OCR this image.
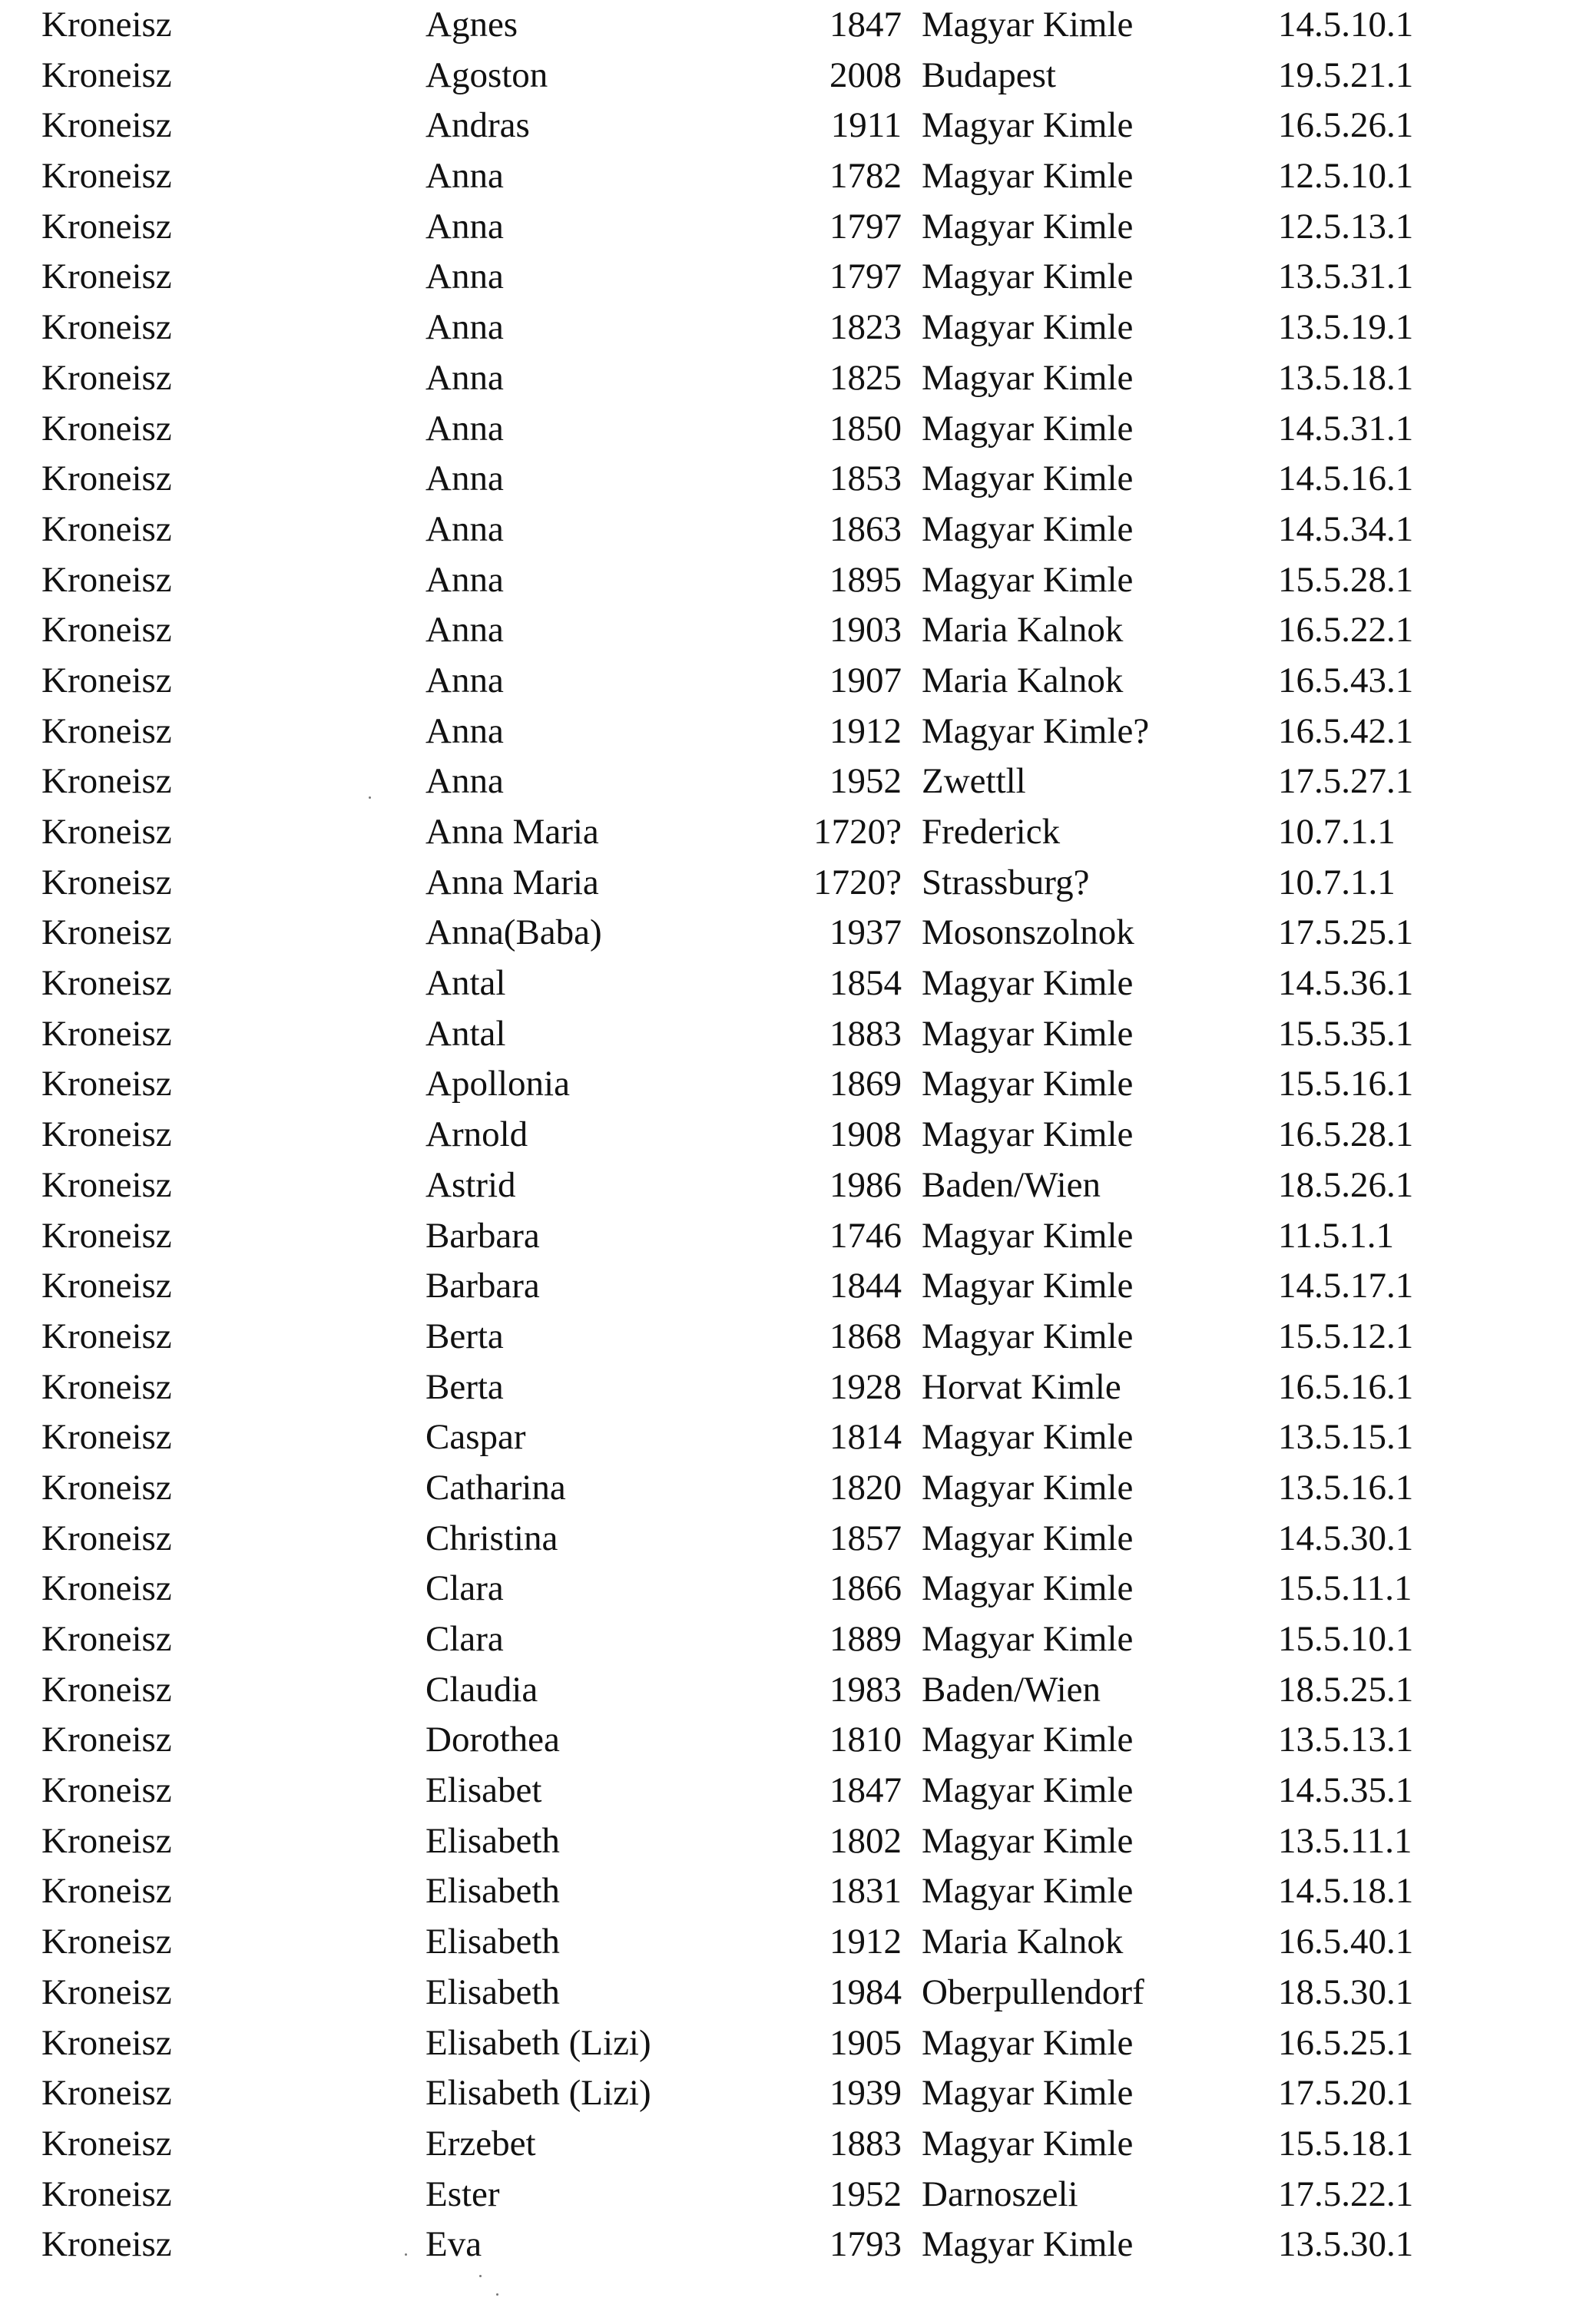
Kroneisz	Agnes	1847 Magyar Kimle	14.5.10.1
Kroneisz	Agoston	2008 Budapest	19.5.21.1
Kroneisz	Andras	1911 Magyar Kimle	16.5.26.1
Kroneisz	Anna	1782 Magyar Kimle	12.5.10.1
Kroneisz	Anna	1797 Magyar Kimle	12.5.13.1
Kroneisz	Anna	1797 Magyar Kimle	13.5.31.1
Kroneisz	Anna	1823 Magyar Kimle	13.5.19.1
Kroneisz	Anna	1825 Magyar Kimle	13.5.18.1
Kroneisz	Anna	1850 Magyar Kimle	14.5.31.1
Kroneisz	Anna	1853 Magyar Kimle	14.5.16.1
Kroneisz	Anna	1863 Magyar Kimle	14.5.34.1
Kroneisz	Anna	1895 Magyar Kimle	15.5.28.1
Kroneisz	Anna	1903 Maria Kalnok	16.5.22.1
Kroneisz	Anna	1907 Maria Kalnok	16.5.43.1
Kroneisz	Anna	1912 Magyar Kimle?	16.5.42.1
Kroneisz	Anna	1952 Zwettll	17.5.27.1
Kroneisz	Anna Maria	1720? Frederick	10.7.1.1
Kroneisz	Anna Maria	1720? Strassburg?	10.7.1.1
Kroneisz	Anna(Baba)	1937 Mosonszolnok	17.5.25.1
Kroneisz	Antal	1854 Magyar Kimle	14.5.36.1
Kroneisz	Antal	1883 Magyar Kimle	15.5.35.1
Kroneisz	Apollonia	1869 Magyar Kimle	15.5.16.1
Kroneisz	Arnold	1908 Magyar Kimle	16.5.28.1
Kroneisz	Astrid	1986 Baden/Wien	18.5.26.1
Kroneisz	Barbara	1746 Magyar Kimle	11.5.1.1
Kroneisz	Barbara	1844 Magyar Kimle	14.5.17.1
Kroneisz	Berta	1868 Magyar Kimle	15.5.12.1
Kroneisz	Berta	1928 Horvat Kimle	16.5.16.1
Kroneisz	Caspar	1814 Magyar Kimle	13.5.15.1
Kroneisz	Catharina	1820 Magyar Kimle	13.5.16.1
Kroneisz	Christina	1857 Magyar Kimle	14.5.30.1
Kroneisz	Clara	1866 Magyar Kimle	15.5.11.1
Kroneisz	Clara	1889 Magyar Kimle	15.5.10.1
Kroneisz	Claudia	1983 Baden/Wien	18.5.25.1
Kroneisz	Dorothea	1810 Magyar Kimle	13.5.13.1
Kroneisz	Elisabet	1847 Magyar Kimle	14.5.35.1
Kroneisz	Elisabeth	1802 Magyar Kimle	13.5.11.1
Kroneisz	Elisabeth	1831 Magyar Kimle	14.5.18.1
Kroneisz	Elisabeth	1912 Maria Kalnok	16.5.40.1
Kroneisz	Elisabeth	1984 Oberpullendorf	18.5.30.1
Kroneisz	Elisabeth (Lizi)	1905 Magyar Kimle	16.5.25.1
Kroneisz	Elisabeth (Lizi)	1939 Magyar Kimle	17.5.20.1
Kroneisz	Erzebet	1883 Magyar Kimle	15.5.18.1
Kroneisz	Ester	1952 Darnoszeli	17.5.22.1
Kroneisz	Eva	1793 Magyar Kimle	13.5.30.1
